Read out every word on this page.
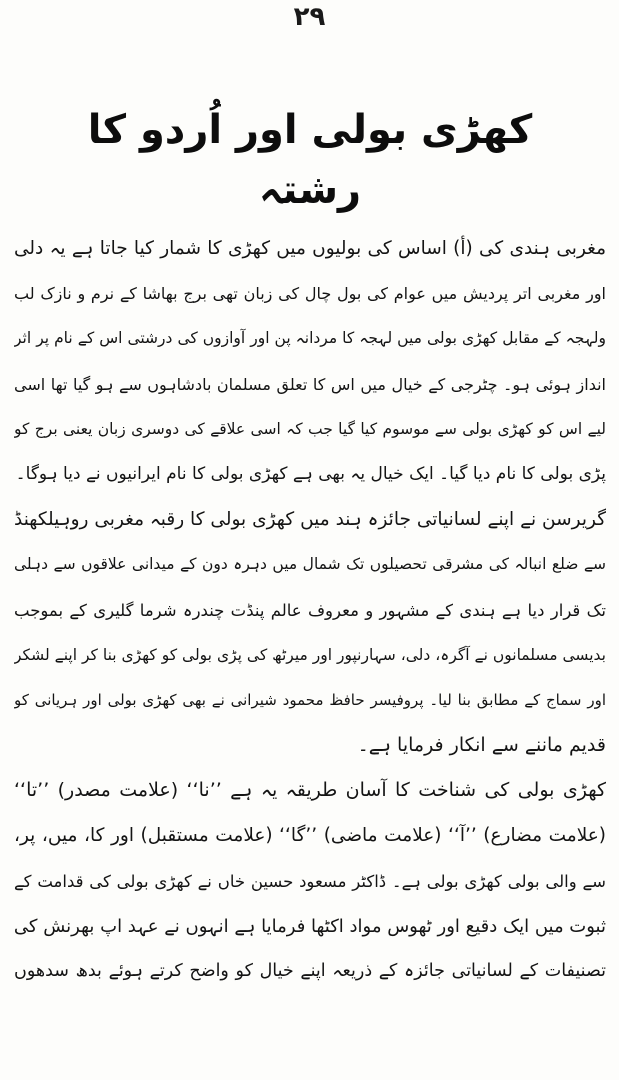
۲۹
کھڑی بولی اور اُردو کا رشتہ
مغربی ہندی کی (أ) اساس کی بولیوں میں کھڑی کا شمار کیا جاتا ہے یہ دلی
اور مغربی اتر پردیش میں عوام کی بول چال کی زبان تھی برج بھاشا کے نرم و نازک لب
ولہجہ کے مقابل کھڑی بولی میں لہجہ کا مردانہ پن اور آوازوں کی درشتی اس کے نام پر اثر
انداز ہوئی ہو۔ چٹرجی کے خیال میں اس کا تعلق مسلمان بادشاہوں سے ہو گیا تھا اسی
لیے اس کو کھڑی بولی سے موسوم کیا گیا جب کہ اسی علاقے کی دوسری زبان یعنی برج کو
پڑی بولی کا نام دیا گیا۔ ایک خیال یہ بھی ہے کھڑی بولی کا نام ایرانیوں نے دیا ہوگا۔
گریرسن نے اپنے لسانیاتی جائزہ ہند میں کھڑی بولی کا رقبہ مغربی روہیلکھنڈ
سے ضلع انبالہ کی مشرقی تحصیلوں تک شمال میں دہرہ دون کے میدانی علاقوں سے دہلی
تک قرار دیا ہے ہندی کے مشہور و معروف عالم پنڈت چندرہ شرما گلیری کے بموجب
بدیسی مسلمانوں نے آگرہ، دلی، سہارنپور اور میرٹھ کی پڑی بولی کو کھڑی بنا کر اپنے لشکر
اور سماج کے مطابق بنا لیا۔ پروفیسر حافظ محمود شیرانی نے بھی کھڑی بولی اور ہریانی کو
قدیم ماننے سے انکار فرمایا ہے۔
کھڑی بولی کی شناخت کا آسان طریقہ یہ ہے ’’نا‘‘ (علامت مصدر) ’’تا‘‘
(علامت مضارع) ’’آ‘‘ (علامت ماضی) ’’گا‘‘ (علامت مستقبل) اور کا، میں، پر،
سے والی بولی کھڑی بولی ہے۔ ڈاکٹر مسعود حسین خاں نے کھڑی بولی کی قدامت کے
ثبوت میں ایک دقیع اور ٹھوس مواد اکٹھا فرمایا ہے انہوں نے عہد اپ بھرنش کی
تصنیفات کے لسانیاتی جائزہ کے ذریعہ اپنے خیال کو واضح کرتے ہوئے بدھ سدھوں
